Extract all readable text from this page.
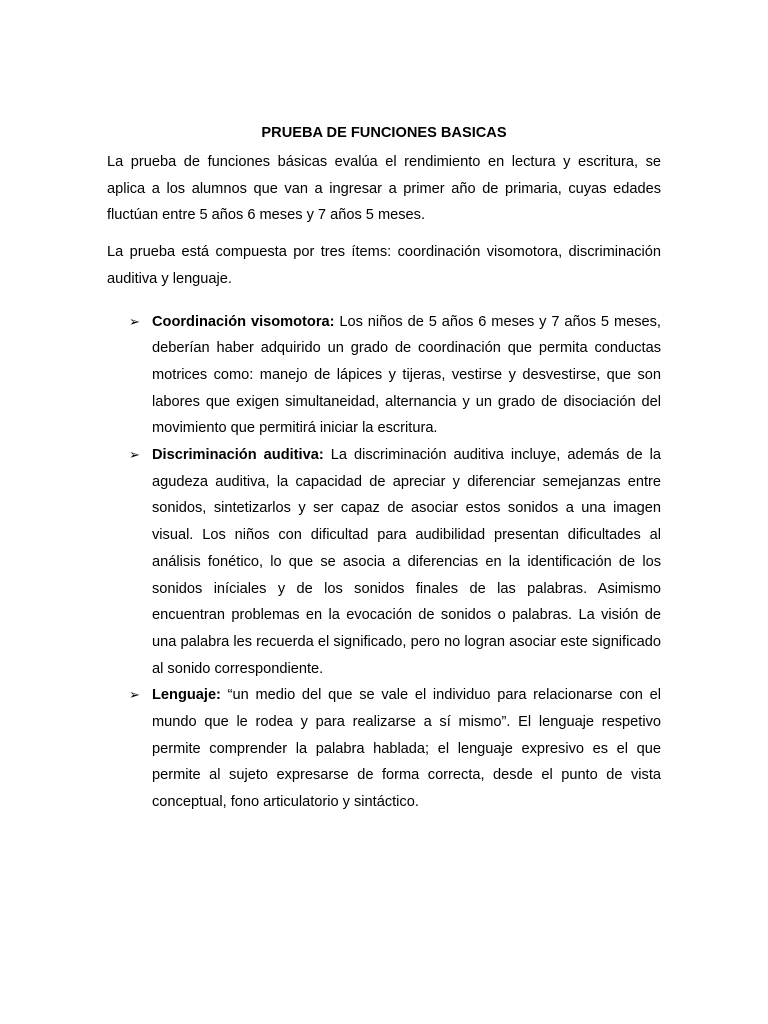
PRUEBA DE FUNCIONES BASICAS

La prueba de funciones básicas evalúa el rendimiento en lectura y escritura, se aplica a los alumnos que van a ingresar a primer año de primaria, cuyas edades fluctúan entre 5 años 6 meses y 7 años 5 meses.

La prueba está compuesta por tres ítems: coordinación visomotora, discriminación auditiva y lenguaje.

➢ Coordinación visomotora: Los niños de 5 años 6 meses y 7 años 5 meses, deberían haber adquirido un grado de coordinación que permita conductas motrices como: manejo de lápices y tijeras, vestirse y desvestirse, que son labores que exigen simultaneidad, alternancia y un grado de disociación del movimiento que permitirá iniciar la escritura.
➢ Discriminación auditiva: La discriminación auditiva incluye, además de la agudeza auditiva, la capacidad de apreciar y diferenciar semejanzas entre sonidos, sintetizarlos y ser capaz de asociar estos sonidos a una imagen visual. Los niños con dificultad para audibilidad presentan dificultades al análisis fonético, lo que se asocia a diferencias en la identificación de los sonidos iníciales y de los sonidos finales de las palabras. Asimismo encuentran problemas en la evocación de sonidos o palabras. La visión de una palabra les recuerda el significado, pero no logran asociar este significado al sonido correspondiente.
➢ Lenguaje: “un medio del que se vale el individuo para relacionarse con el mundo que le rodea y para realizarse a sí mismo”. El lenguaje respetivo permite comprender la palabra hablada; el lenguaje expresivo es el que permite al sujeto expresarse de forma correcta, desde el punto de vista conceptual, fono articulatorio y sintáctico.
